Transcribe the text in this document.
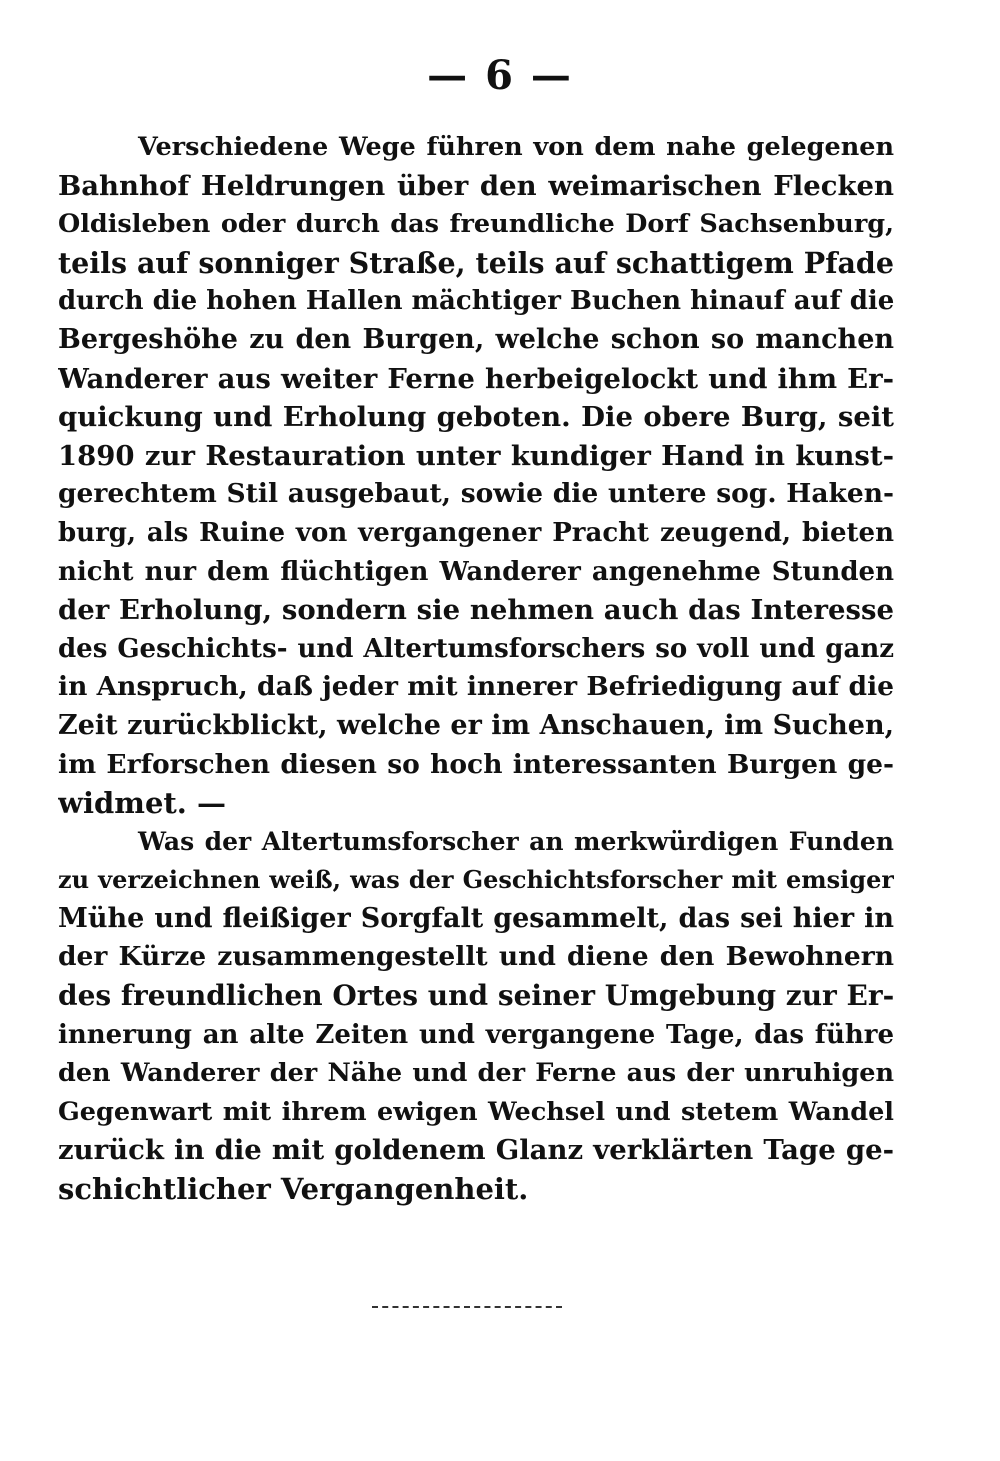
— 6 —
Verschiedene Wege führen von dem nahe gelegenen
Bahnhof Heldrungen über den weimarischen Flecken
Oldisleben oder durch das freundliche Dorf Sachsenburg,
teils auf sonniger Straße, teils auf schattigem Pfade
durch die hohen Hallen mächtiger Buchen hinauf auf die
Bergeshöhe zu den Burgen, welche schon so manchen
Wanderer aus weiter Ferne herbeigelockt und ihm Er-
quickung und Erholung geboten. Die obere Burg, seit
1890 zur Restauration unter kundiger Hand in kunst-
gerechtem Stil ausgebaut, sowie die untere sog. Haken-
burg, als Ruine von vergangener Pracht zeugend, bieten
nicht nur dem flüchtigen Wanderer angenehme Stunden
der Erholung, sondern sie nehmen auch das Interesse
des Geschichts- und Altertumsforschers so voll und ganz
in Anspruch, daß jeder mit innerer Befriedigung auf die
Zeit zurückblickt, welche er im Anschauen, im Suchen,
im Erforschen diesen so hoch interessanten Burgen ge-
widmet. —
Was der Altertumsforscher an merkwürdigen Funden
zu verzeichnen weiß, was der Geschichtsforscher mit emsiger
Mühe und fleißiger Sorgfalt gesammelt, das sei hier in
der Kürze zusammengestellt und diene den Bewohnern
des freundlichen Ortes und seiner Umgebung zur Er-
innerung an alte Zeiten und vergangene Tage, das führe
den Wanderer der Nähe und der Ferne aus der unruhigen
Gegenwart mit ihrem ewigen Wechsel und stetem Wandel
zurück in die mit goldenem Glanz verklärten Tage ge-
schichtlicher Vergangenheit.
